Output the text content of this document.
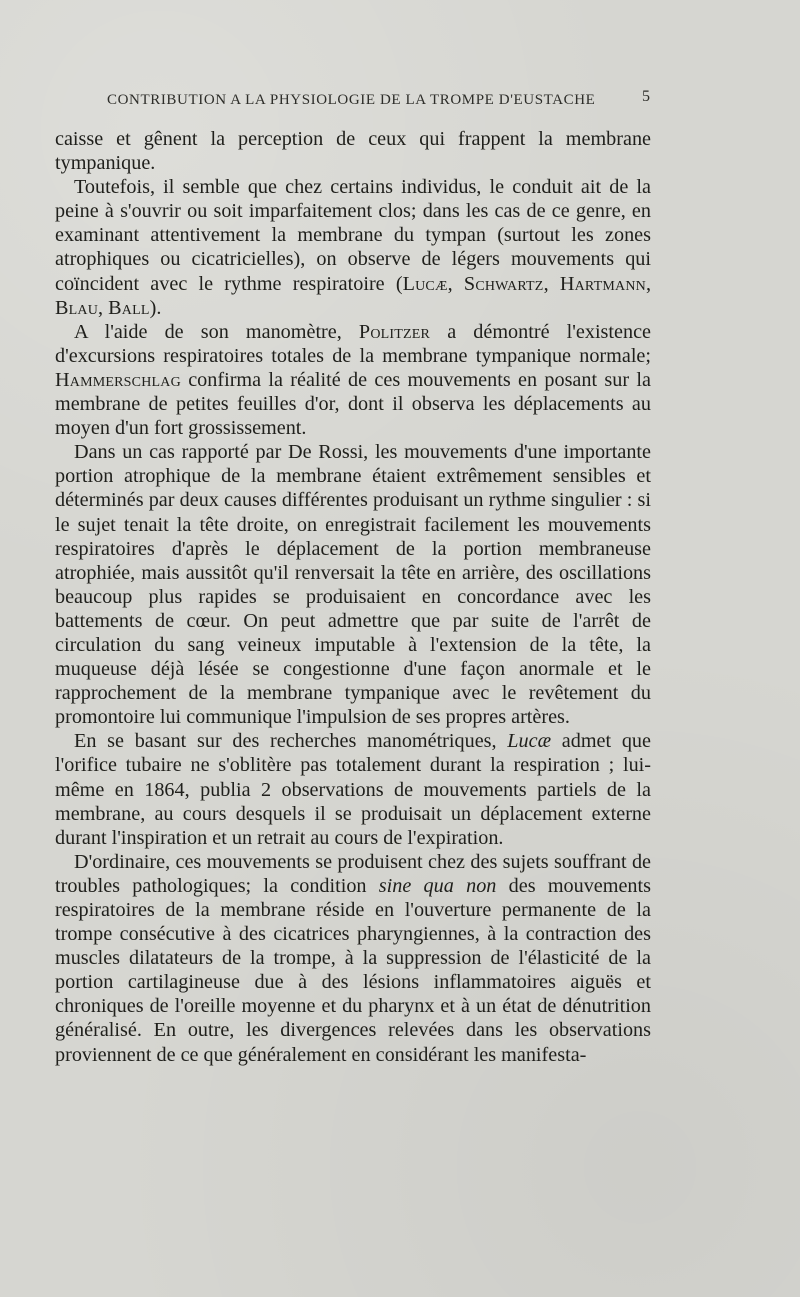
CONTRIBUTION A LA PHYSIOLOGIE DE LA TROMPE D'EUSTACHE	5

caisse et gênent la perception de ceux qui frappent la membrane tympanique.

Toutefois, il semble que chez certains individus, le conduit ait de la peine à s'ouvrir ou soit imparfaitement clos; dans les cas de ce genre, en examinant attentivement la membrane du tympan (surtout les zones atrophiques ou cicatricielles), on observe de légers mouvements qui coïncident avec le rythme respiratoire (Lucæ, Schwartz, Hartmann, Blau, Ball).

A l'aide de son manomètre, Politzer a démontré l'existence d'excursions respiratoires totales de la membrane tympanique normale; Hammerschlag confirma la réalité de ces mouvements en posant sur la membrane de petites feuilles d'or, dont il observa les déplacements au moyen d'un fort grossissement.

Dans un cas rapporté par De Rossi, les mouvements d'une importante portion atrophique de la membrane étaient extrêmement sensibles et déterminés par deux causes différentes produisant un rythme singulier : si le sujet tenait la tête droite, on enregistrait facilement les mouvements respiratoires d'après le déplacement de la portion membraneuse atrophiée, mais aussitôt qu'il renversait la tête en arrière, des oscillations beaucoup plus rapides se produisaient en concordance avec les battements de cœur. On peut admettre que par suite de l'arrêt de circulation du sang veineux imputable à l'extension de la tête, la muqueuse déjà lésée se congestionne d'une façon anormale et le rapprochement de la membrane tympanique avec le revêtement du promontoire lui communique l'impulsion de ses propres artères.

En se basant sur des recherches manométriques, Lucæ admet que l'orifice tubaire ne s'oblitère pas totalement durant la respiration ; lui-même en 1864, publia 2 observations de mouvements partiels de la membrane, au cours desquels il se produisait un déplacement externe durant l'inspiration et un retrait au cours de l'expiration.

D'ordinaire, ces mouvements se produisent chez des sujets souffrant de troubles pathologiques; la condition sine qua non des mouvements respiratoires de la membrane réside en l'ouverture permanente de la trompe consécutive à des cicatrices pharyngiennes, à la contraction des muscles dilatateurs de la trompe, à la suppression de l'élasticité de la portion cartilagineuse due à des lésions inflammatoires aiguës et chroniques de l'oreille moyenne et du pharynx et à un état de dénutrition généralisé. En outre, les divergences relevées dans les observations proviennent de ce que généralement en considérant les manifesta-
